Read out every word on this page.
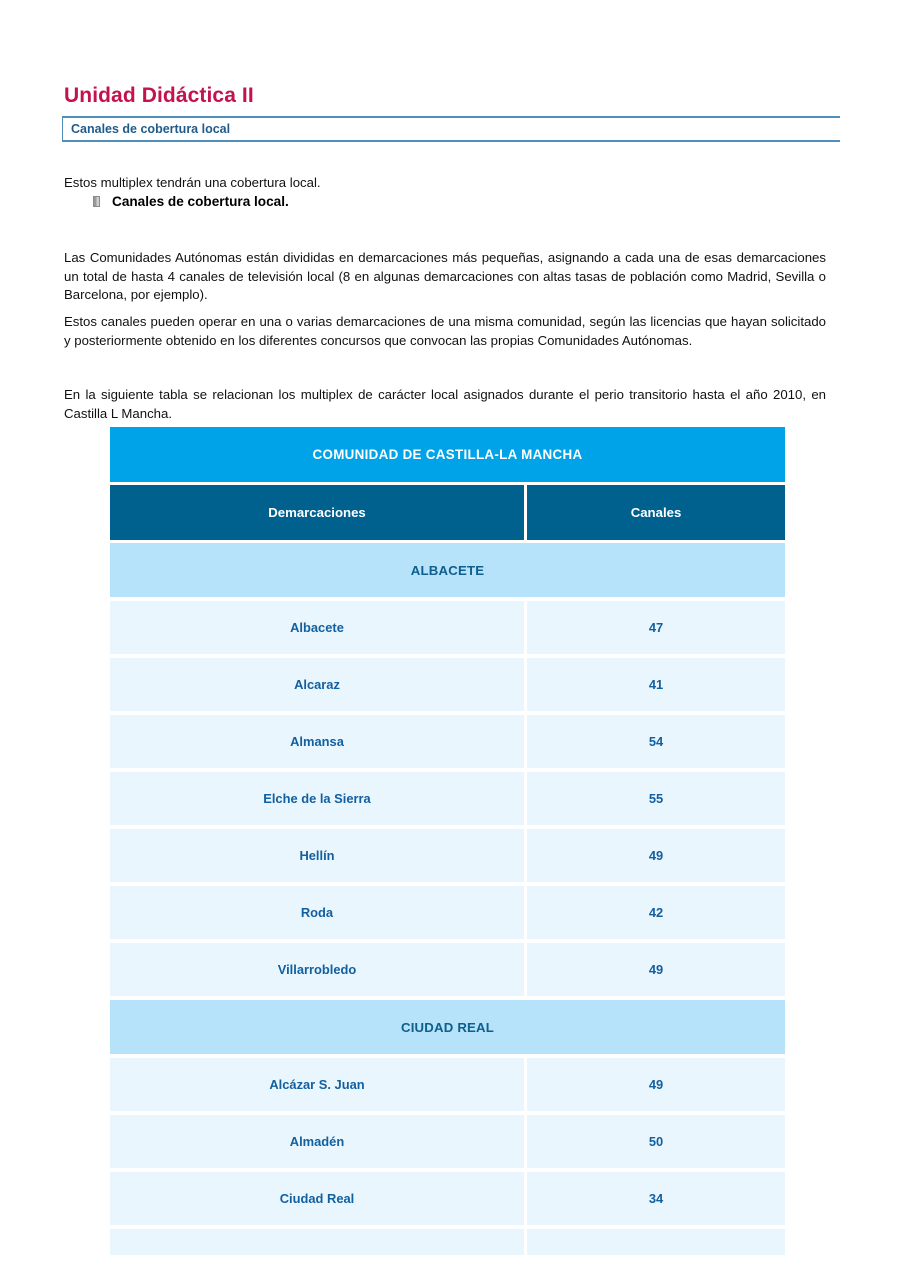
Unidad Didáctica II
Canales de cobertura local

Estos multiplex tendrán una cobertura local.

Canales de cobertura local.

Las Comunidades Autónomas están divididas en demarcaciones más pequeñas, asignando a cada una de esas demarcaciones un total de hasta 4 canales de televisión local (8 en algunas demarcaciones con altas tasas de población como Madrid, Sevilla o Barcelona, por ejemplo).

Estos canales pueden operar en una o varias demarcaciones de una misma comunidad, según las licencias que hayan solicitado y posteriormente obtenido en los diferentes concursos que convocan las propias Comunidades Autónomas.

En la siguiente tabla se relacionan los multiplex de carácter local asignados durante el perio transitorio hasta el año 2010, en Castilla L Mancha.

COMUNIDAD DE CASTILLA-LA MANCHA	
Demarcaciones	Canales
ALBACETE	
Albacete	47
Alcaraz	41
Almansa	54
Elche de la Sierra	55
Hellín	49
Roda	42
Villarrobledo	49
CIUDAD REAL	
Alcázar S. Juan	49
Almadén	50
Ciudad Real	34
